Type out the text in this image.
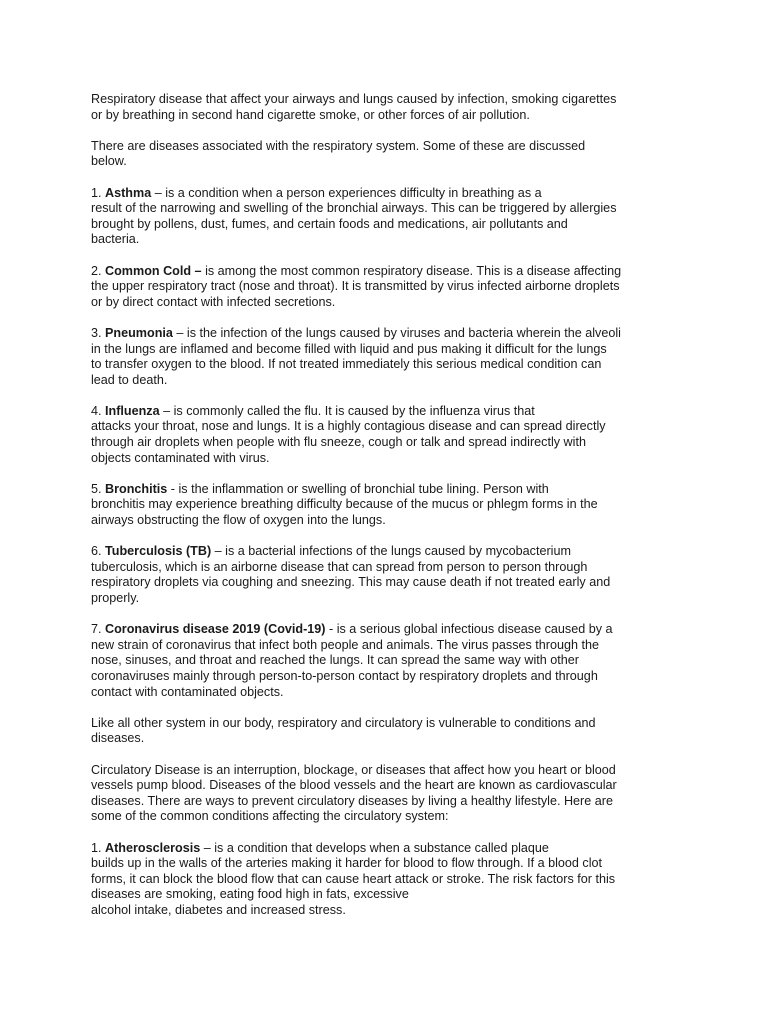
Respiratory disease that affect your airways and lungs caused by infection, smoking cigarettes
or by breathing in second hand cigarette smoke, or other forces of air pollution.

There are diseases associated with the respiratory system. Some of these are discussed
below.

1. Asthma – is a condition when a person experiences difficulty in breathing as a
result of the narrowing and swelling of the bronchial airways. This can be triggered by allergies
brought by pollens, dust, fumes, and certain foods and medications, air pollutants and
bacteria.

2. Common Cold – is among the most common respiratory disease. This is a disease affecting
the upper respiratory tract (nose and throat). It is transmitted by virus infected airborne droplets
or by direct contact with infected secretions.

3. Pneumonia – is the infection of the lungs caused by viruses and bacteria wherein the alveoli
in the lungs are inflamed and become filled with liquid and pus making it difficult for the lungs
to transfer oxygen to the blood. If not treated immediately this serious medical condition can
lead to death.

4. Influenza – is commonly called the flu. It is caused by the influenza virus that
attacks your throat, nose and lungs. It is a highly contagious disease and can spread directly
through air droplets when people with flu sneeze, cough or talk and spread indirectly with
objects contaminated with virus.

5. Bronchitis - is the inflammation or swelling of bronchial tube lining. Person with
bronchitis may experience breathing difficulty because of the mucus or phlegm forms in the
airways obstructing the flow of oxygen into the lungs.

6. Tuberculosis (TB) – is a bacterial infections of the lungs caused by mycobacterium
tuberculosis, which is an airborne disease that can spread from person to person through
respiratory droplets via coughing and sneezing. This may cause death if not treated early and
properly.

7. Coronavirus disease 2019 (Covid-19) - is a serious global infectious disease caused by a
new strain of coronavirus that infect both people and animals. The virus passes through the
nose, sinuses, and throat and reached the lungs. It can spread the same way with other
coronaviruses mainly through person-to-person contact by respiratory droplets and through
contact with contaminated objects.

Like all other system in our body, respiratory and circulatory is vulnerable to conditions and
diseases.

Circulatory Disease is an interruption, blockage, or diseases that affect how you heart or blood
vessels pump blood. Diseases of the blood vessels and the heart are known as cardiovascular
diseases. There are ways to prevent circulatory diseases by living a healthy lifestyle. Here are
some of the common conditions affecting the circulatory system:

1. Atherosclerosis – is a condition that develops when a substance called plaque
builds up in the walls of the arteries making it harder for blood to flow through. If a blood clot
forms, it can block the blood flow that can cause heart attack or stroke. The risk factors for this
diseases are smoking, eating food high in fats, excessive
alcohol intake, diabetes and increased stress.
